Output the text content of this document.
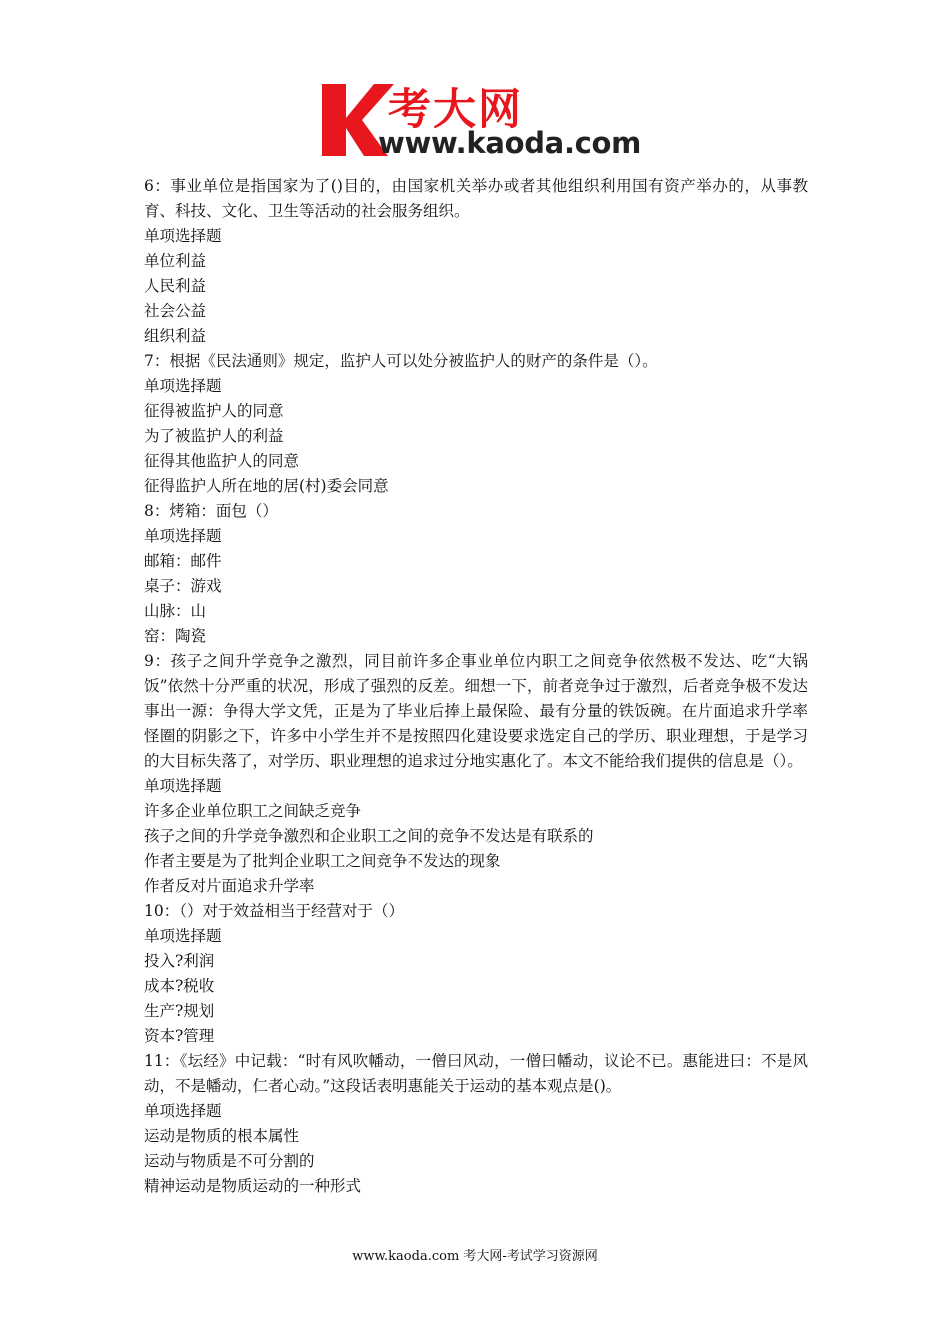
考大网
www.kaoda.com

6：事业单位是指国家为了()目的，由国家机关举办或者其他组织利用国有资产举办的，从事教育、科技、文化、卫生等活动的社会服务组织。

单项选择题

单位利益

人民利益

社会公益

组织利益

7：根据《民法通则》规定，监护人可以处分被监护人的财产的条件是（）。

单项选择题

征得被监护人的同意

为了被监护人的利益

征得其他监护人的同意

征得监护人所在地的居(村)委会同意

8：烤箱：面包（）

单项选择题

邮箱：邮件

桌子：游戏

山脉：山

窑：陶瓷

9：孩子之间升学竞争之激烈，同目前许多企事业单位内职工之间竞争依然极不发达、吃“大锅饭”依然十分严重的状况，形成了强烈的反差。细想一下，前者竞争过于激烈，后者竞争极不发达事出一源：争得大学文凭，正是为了毕业后捧上最保险、最有分量的铁饭碗。在片面追求升学率怪圈的阴影之下，许多中小学生并不是按照四化建设要求选定自己的学历、职业理想，于是学习的大目标失落了，对学历、职业理想的追求过分地实惠化了。本文不能给我们提供的信息是（）。

单项选择题

许多企业单位职工之间缺乏竞争

孩子之间的升学竞争激烈和企业职工之间的竞争不发达是有联系的

作者主要是为了批判企业职工之间竞争不发达的现象

作者反对片面追求升学率

10：（）对于效益相当于经营对于（）

单项选择题

投入?利润

成本?税收

生产?规划

资本?管理

11：《坛经》中记载：“时有风吹幡动，一僧曰风动，一僧曰幡动，议论不已。惠能进曰：不是风动，不是幡动，仁者心动。”这段话表明惠能关于运动的基本观点是()。

单项选择题

运动是物质的根本属性

运动与物质是不可分割的

精神运动是物质运动的一种形式

www.kaoda.com 考大网-考试学习资源网
